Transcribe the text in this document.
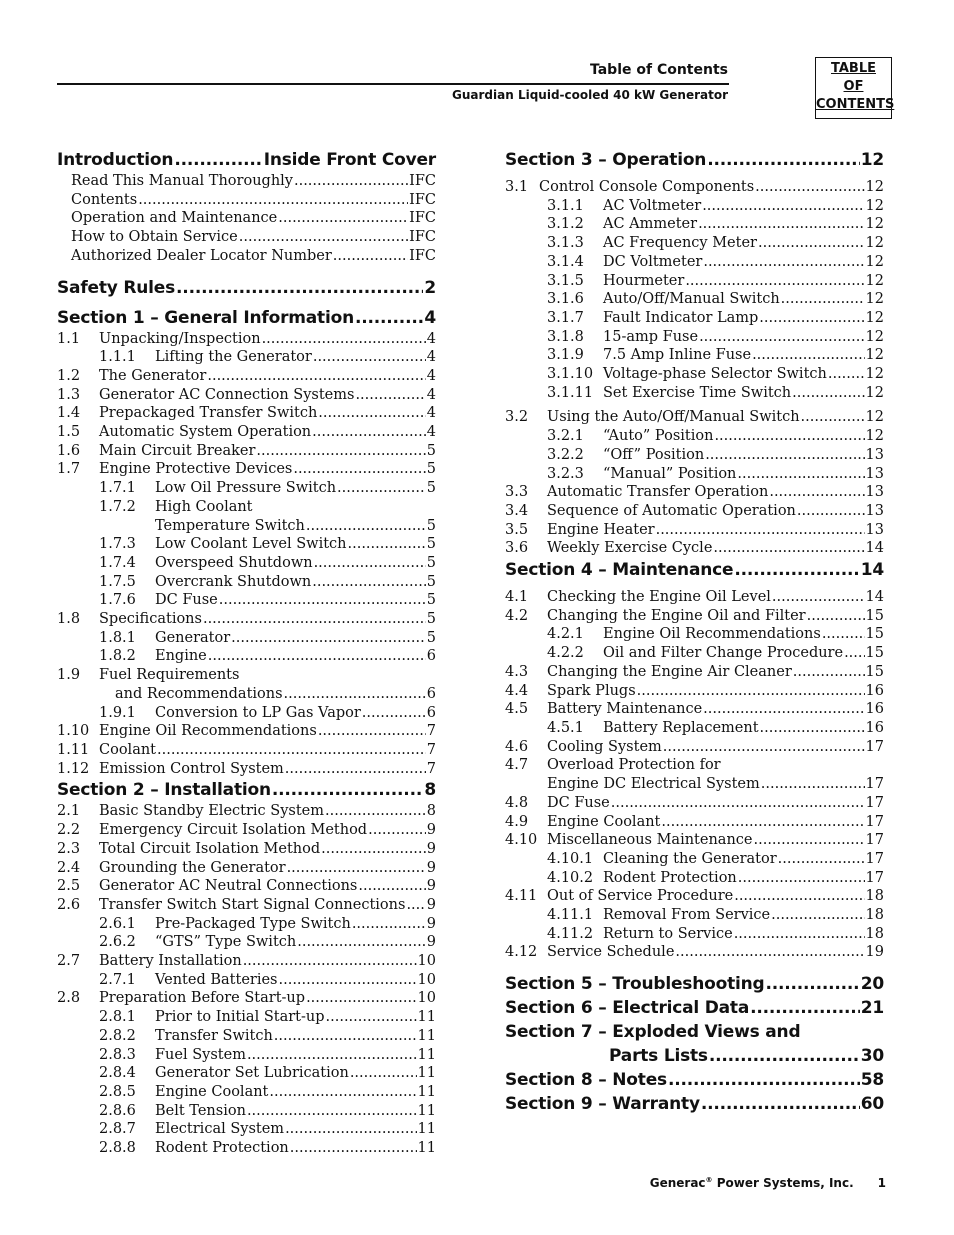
Table of Contents
Guardian Liquid-cooled 40 kW Generator
TABLE
OF
CONTENTS
Introduction .....	Inside Front Cover
Read This Manual Thoroughly .....	IFC
Contents .....	IFC
Operation and Maintenance .....	IFC
How to Obtain Service .....	IFC
Authorized Dealer Locator Number .....	IFC
Safety Rules .....	2
Section 1 – General Information .....	4
1.1	Unpacking/Inspection .....	4
1.1.1	Lifting the Generator .....	4
1.2	The Generator .....	4
1.3	Generator AC Connection Systems .....	4
1.4	Prepackaged Transfer Switch .....	4
1.5	Automatic System Operation .....	4
1.6	Main Circuit Breaker .....	5
1.7	Engine Protective Devices .....	5
1.7.1	Low Oil Pressure Switch .....	5
1.7.2	High Coolant
Temperature Switch .....	5
1.7.3	Low Coolant Level Switch .....	5
1.7.4	Overspeed Shutdown .....	5
1.7.5	Overcrank Shutdown .....	5
1.7.6	DC Fuse .....	5
1.8	Specifications .....	5
1.8.1	Generator .....	5
1.8.2	Engine .....	6
1.9	Fuel Requirements
and Recommendations .....	6
1.9.1	Conversion to LP Gas Vapor .....	6
1.10 Engine Oil Recommendations .....	7
1.11 Coolant .....	7
1.12 Emission Control System .....	7
Section 2 – Installation .....	8
2.1	Basic Standby Electric System .....	8
2.2	Emergency Circuit Isolation Method .....	9
2.3	Total Circuit Isolation Method .....	9
2.4	Grounding the Generator .....	9
2.5	Generator AC Neutral Connections .....	9
2.6	Transfer Switch Start Signal Connections ..... 9
2.6.1	Pre-Packaged Type Switch .....	9
2.6.2	“GTS” Type Switch .....	9
2.7	Battery Installation .....	10
2.7.1	Vented Batteries .....	10
2.8	Preparation Before Start-up .....	10
2.8.1	Prior to Initial Start-up .....	11
2.8.2	Transfer Switch .....	11
2.8.3	Fuel System .....	11
2.8.4	Generator Set Lubrication .....	11
2.8.5	Engine Coolant .....	11
2.8.6	Belt Tension .....	11
2.8.7	Electrical System .....	11
2.8.8	Rodent Protection .....	11
Section 3 – Operation .....	12
3.1 Control Console Components .....	12
3.1.1	AC Voltmeter .....	12
3.1.2	AC Ammeter .....	12
3.1.3	AC Frequency Meter .....	12
3.1.4	DC Voltmeter .....	12
3.1.5	Hourmeter .....	12
3.1.6	Auto/Off/Manual Switch .....	12
3.1.7	Fault Indicator Lamp .....	12
3.1.8	15-amp Fuse .....	12
3.1.9	7.5 Amp Inline Fuse .....	12
3.1.10 Voltage-phase Selector Switch .....	12
3.1.11 Set Exercise Time Switch .....	12
3.2	Using the Auto/Off/Manual Switch .....	12
3.2.1	“Auto” Position .....	12
3.2.2	“Off” Position .....	13
3.2.3	“Manual” Position .....	13
3.3	Automatic Transfer Operation .....	13
3.4	Sequence of Automatic Operation .....	13
3.5	Engine Heater .....	13
3.6	Weekly Exercise Cycle .....	14
Section 4 – Maintenance .....	14
4.1	Checking the Engine Oil Level .....	14
4.2	Changing the Engine Oil and Filter .....	15
4.2.1	Engine Oil Recommendations .....	15
4.2.2	Oil and Filter Change Procedure ..... 15
4.3	Changing the Engine Air Cleaner .....	15
4.4	Spark Plugs .....	16
4.5	Battery Maintenance .....	16
4.5.1	Battery Replacement .....	16
4.6	Cooling System .....	17
4.7	Overload Protection for
Engine DC Electrical System .....	17
4.8	DC Fuse .....	17
4.9	Engine Coolant .....	17
4.10 Miscellaneous Maintenance .....	17
4.10.1 Cleaning the Generator .....	17
4.10.2 Rodent Protection .....	17
4.11 Out of Service Procedure .....	18
4.11.1 Removal From Service .....	18
4.11.2 Return to Service .....	18
4.12 Service Schedule .....	19
Section 5 – Troubleshooting .....	20
Section 6 – Electrical Data .....	21
Section 7 – Exploded Views and
Parts Lists .....	30
Section 8 – Notes .....	58
Section 9 – Warranty .....	60
Generac® Power Systems, Inc. 1
